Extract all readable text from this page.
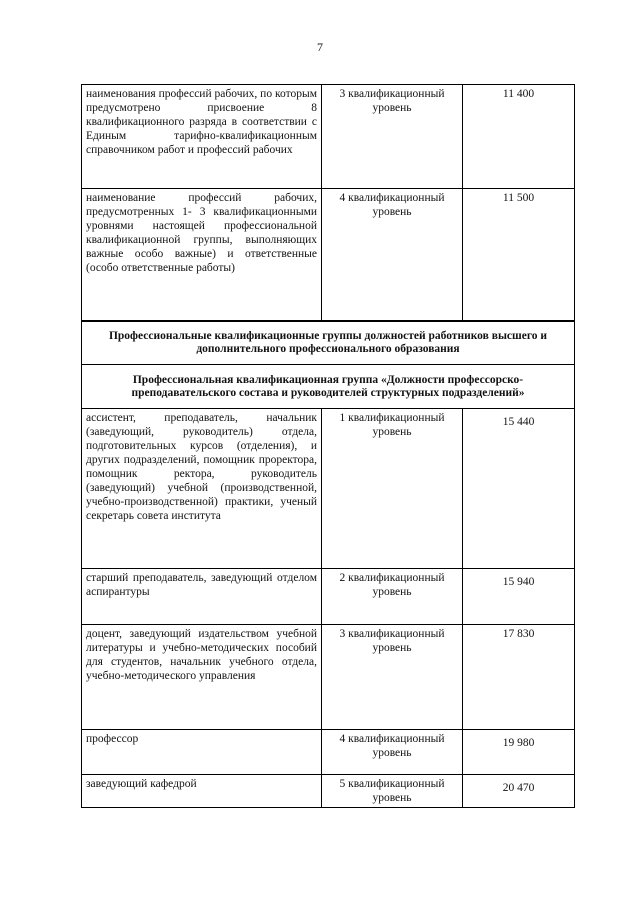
7
наименования профессий рабочих, по которым предусмотрено присвоение 8 квалификационного разряда в соответствии с Единым тарифно-квалификационным справочником работ и профессий рабочих	3 квалификационный уровень	11 400
наименование профессий рабочих, предусмотренных 1- 3 квалификационными уровнями настоящей профессиональной квалификационной группы, выполняющих важные особо важные) и ответственные (особо ответственные работы)	4 квалификационный уровень	11 500
Профессиональные квалификационные группы должностей работников высшего и дополнительного профессионального образования		
Профессиональная квалификационная группа «Должности профессорско-преподавательского состава и руководителей структурных подразделений»		
ассистент, преподаватель, начальник (заведующий, руководитель) отдела, подготовительных курсов (отделения), и других подразделений, помощник проректора, помощник ректора, руководитель (заведующий) учебной (производственной, учебно-производственной) практики, ученый секретарь совета института	1 квалификационный уровень	15 440
старший преподаватель, заведующий отделом аспирантуры	2 квалификационный уровень	15 940
доцент, заведующий издательством учебной литературы и учебно-методических пособий для студентов, начальник учебного отдела, учебно-методического управления	3 квалификационный уровень	17 830
профессор	4 квалификационный уровень	19 980
заведующий кафедрой	5 квалификационный уровень	20 470
